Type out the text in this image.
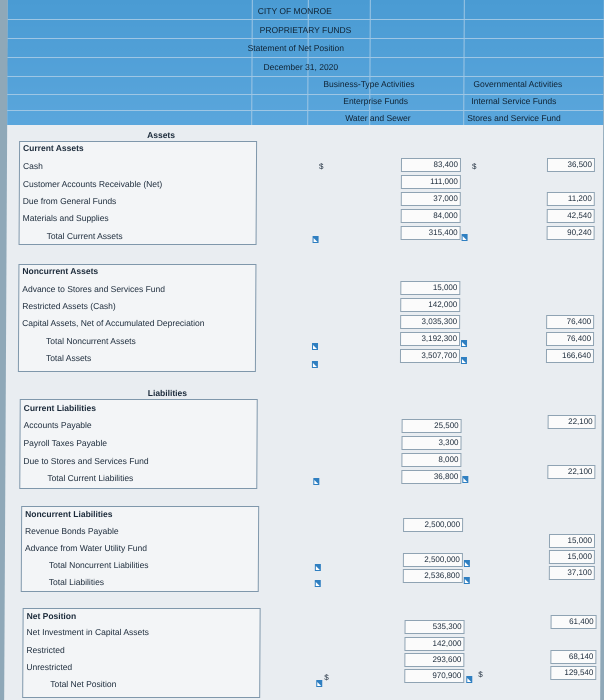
CITY OF MONROE
PROPRIETARY FUNDS
Statement of Net Position
December 31, 2020
Business-Type Activities
Enterprise Funds
Water and Sewer
Governmental Activities
Internal Service Funds
Stores and Service Fund
Assets
Current Assets
Cash
Customer Accounts Receivable (Net)
Due from General Funds
Materials and Supplies
Total Current Assets
$	$
83,400
111,000
37,000
84,000
315,400
36,500
11,200
42,540
90,240
Noncurrent Assets
Advance to Stores and Services Fund
Restricted Assets (Cash)
Capital Assets, Net of Accumulated Depreciation
Total Noncurrent Assets
Total Assets
15,000
142,000
3,035,300
3,192,300
3,507,700
76,400
76,400
166,640
Liabilities
Current Liabilities
Accounts Payable
Payroll Taxes Payable
Due to Stores and Services Fund
Total Current Liabilities
25,500
3,300
8,000
36,800
22,100
22,100
Noncurrent Liabilities
Revenue Bonds Payable
Advance from Water Utility Fund
Total Noncurrent Liabilities
Total Liabilities
2,500,000
2,500,000
2,536,800
15,000
15,000
37,100
Net Position
Net Investment in Capital Assets
Restricted
Unrestricted
Total Net Position
535,300
142,000
293,600
970,900
61,400
68,140
129,540
$	$
